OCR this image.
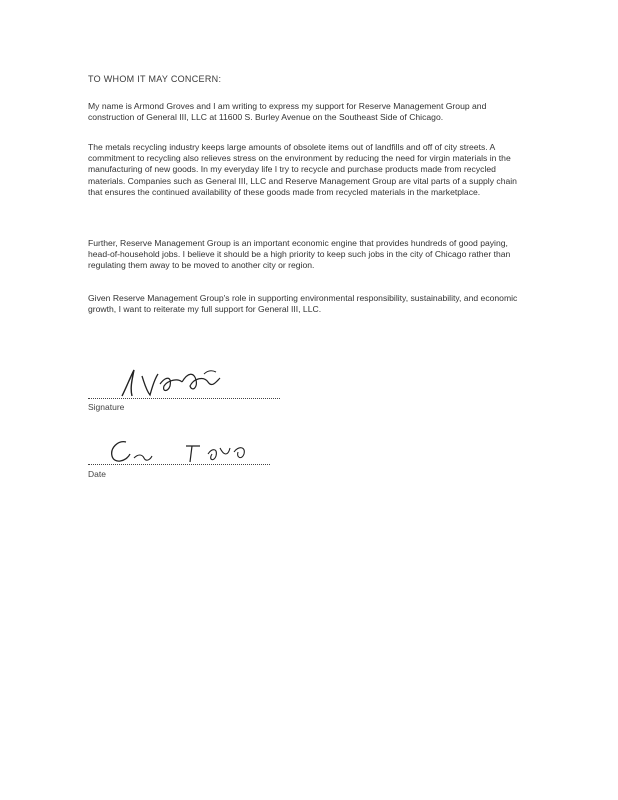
TO WHOM IT MAY CONCERN:

My name is Armond Groves and I am writing to express my support for Reserve Management Group and construction of General III, LLC at 11600 S. Burley Avenue on the Southeast Side of Chicago.

The metals recycling industry keeps large amounts of obsolete items out of landfills and off of city streets. A commitment to recycling also relieves stress on the environment by reducing the need for virgin materials in the manufacturing of new goods. In my everyday life I try to recycle and purchase products made from recycled materials. Companies such as General III, LLC and Reserve Management Group are vital parts of a supply chain that ensures the continued availability of these goods made from recycled materials in the marketplace.

Further, Reserve Management Group is an important economic engine that provides hundreds of good paying, head-of-household jobs. I believe it should be a high priority to keep such jobs in the city of Chicago rather than regulating them away to be moved to another city or region.

Given Reserve Management Group's role in supporting environmental responsibility, sustainability, and economic growth, I want to reiterate my full support for General III, LLC.

Signature
Date
